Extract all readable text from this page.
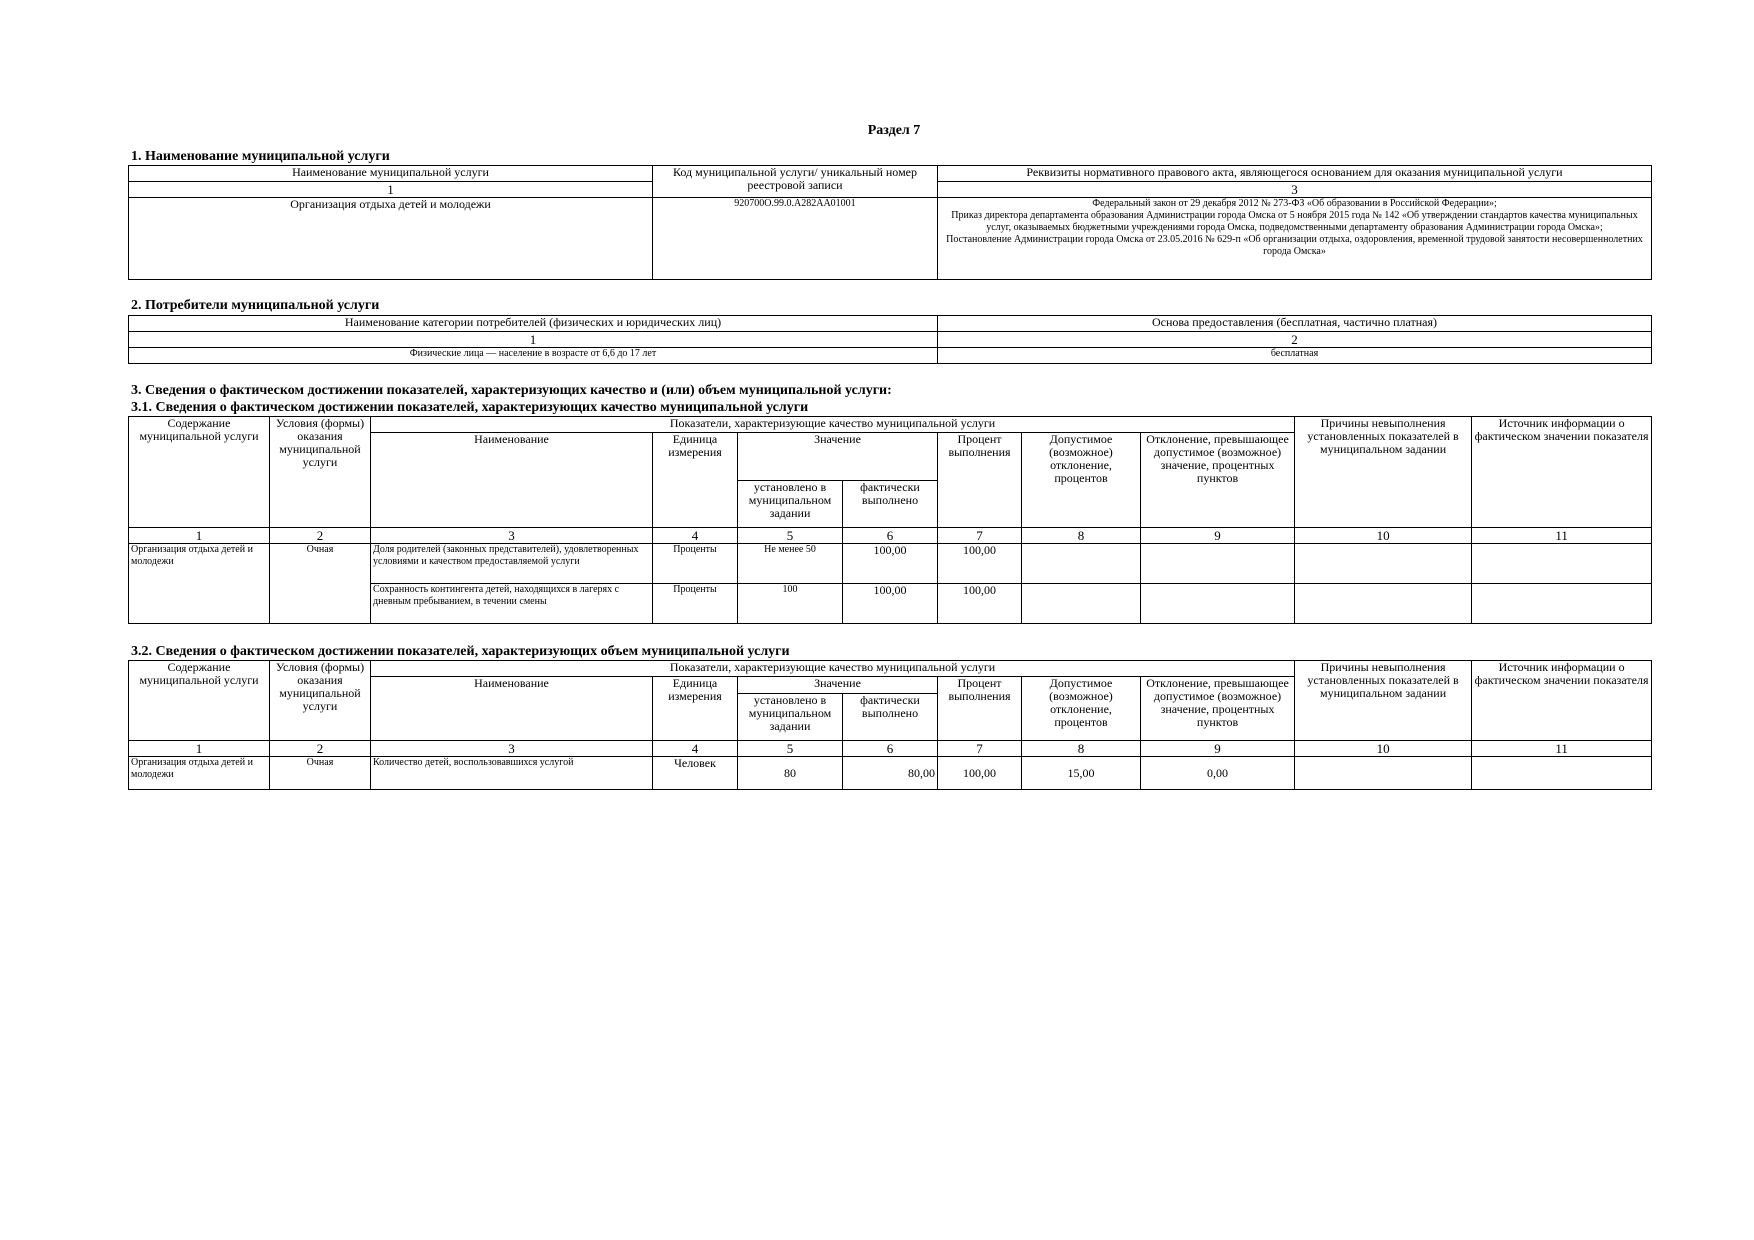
Раздел 7
1. Наименование муниципальной услуги
Наименование муниципальной услуги	Код муниципальной услуги/ уникальный номер реестровой записи	Реквизиты нормативного правового акта, являющегося основанием для оказания муниципальной услуги
1		3
Организация отдыха детей и молодежи	920700О.99.0.А282АА01001	Федеральный закон от 29 декабря 2012 № 273-ФЗ «Об образовании в Российской Федерации»;
Приказ директора департамента образования Администрации города Омска от 5 ноября 2015 года № 142 «Об утверждении стандартов качества муниципальных услуг, оказываемых бюджетными учреждениями города Омска, подведомственными департаменту образования Администрации города Омска»;
Постановление Администрации города Омска от 23.05.2016 № 629-п «Об организации отдыха, оздоровления, временной трудовой занятости несовершеннолетних города Омска»
2. Потребители муниципальной услуги
Наименование категории потребителей (физических и юридических лиц)	Основа предоставления (бесплатная, частично платная)
1	2
Физические лица — население в возрасте от 6,6 до 17 лет	бесплатная
3. Сведения о фактическом достижении показателей, характеризующих качество и (или) объем муниципальной услуги:
3.1. Сведения о фактическом достижении показателей, характеризующих качество муниципальной услуги
Содержание муниципальной услуги	Условия (формы) оказания муниципальной услуги	Показатели, характеризующие качество муниципальной услуги							Причины невыполнения установленных показателей в муниципальном задании	Источник информации о фактическом значении показателя
		Наименование	Единица измерения	Значение		Процент выполнения	Допустимое (возможное) отклонение, процентов	Отклонение, превышающее допустимое (возможное) значение, процентных пунктов		
				установлено в муниципальном задании	фактически выполнено					
1	2	3	4	5	6	7	8	9	10	11
Организация отдыха детей и молодежи	Очная	Доля родителей (законных представителей), удовлетворенных условиями и качеством предоставляемой услуги	Проценты	Не менее 50	100,00	100,00				
		Сохранность контингента детей, находящихся в лагерях с дневным пребыванием, в течении смены	Проценты	100	100,00	100,00				
3.2. Сведения о фактическом достижении показателей, характеризующих объем муниципальной услуги
Содержание муниципальной услуги	Условия (формы) оказания муниципальной услуги	Показатели, характеризующие качество муниципальной услуги							Причины невыполнения установленных показателей в муниципальном задании	Источник информации о фактическом значении показателя
		Наименование	Единица измерения	Значение		Процент выполнения	Допустимое (возможное) отклонение, процентов	Отклонение, превышающее допустимое (возможное) значение, процентных пунктов		
				установлено в муниципальном задании	фактически выполнено					
1	2	3	4	5	6	7	8	9	10	11
Организация отдыха детей и молодежи	Очная	Количество детей, воспользовавшихся услугой	Человек	80	80,00	100,00	15,00	0,00		
